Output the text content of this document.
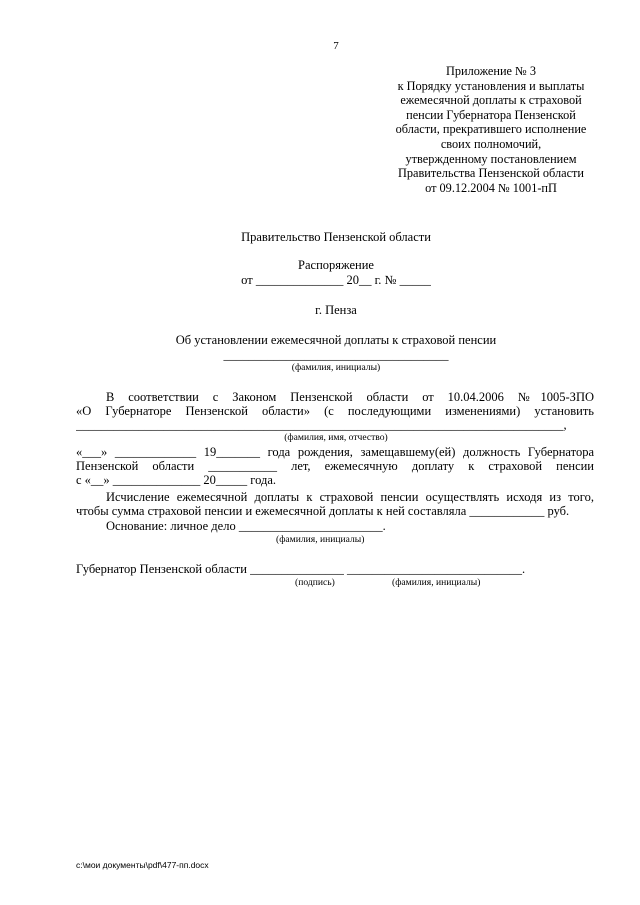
7
Приложение № 3
к Порядку установления и выплаты
ежемесячной доплаты к страховой
пенсии Губернатора Пензенской
области, прекратившего исполнение
своих полномочий,
утвержденному постановлением
Правительства Пензенской области
от 09.12.2004 № 1001-пП
Правительство Пензенской области
Распоряжение
от ______________ 20__ г. № _____
г. Пенза
Об установлении ежемесячной доплаты к страховой пенсии
____________________________________
(фамилия, инициалы)
В соответствии с Законом Пензенской области от 10.04.2006 №1005-ЗПО
«О Губернаторе Пензенской области» (с последующими изменениями) установить
______________________________________________________________________________,
(фамилия, имя, отчество)
«___» _____________ 19_______ года рождения, замещавшему(ей) должность Губернатора
Пензенской области ___________ лет, ежемесячную доплату к страховой пенсии
с «__» ______________ 20_____ года.
Исчисление ежемесячной доплаты к страховой пенсии осуществлять исходя из того,
чтобы сумма страховой пенсии и ежемесячной доплаты к ней составляла ____________ руб.
Основание: личное дело _______________________.
(фамилия, инициалы)
Губернатор Пензенской области _______________ ____________________________.
(подпись)	(фамилия, инициалы)
c:\мои документы\pdf\477-пп.docx
